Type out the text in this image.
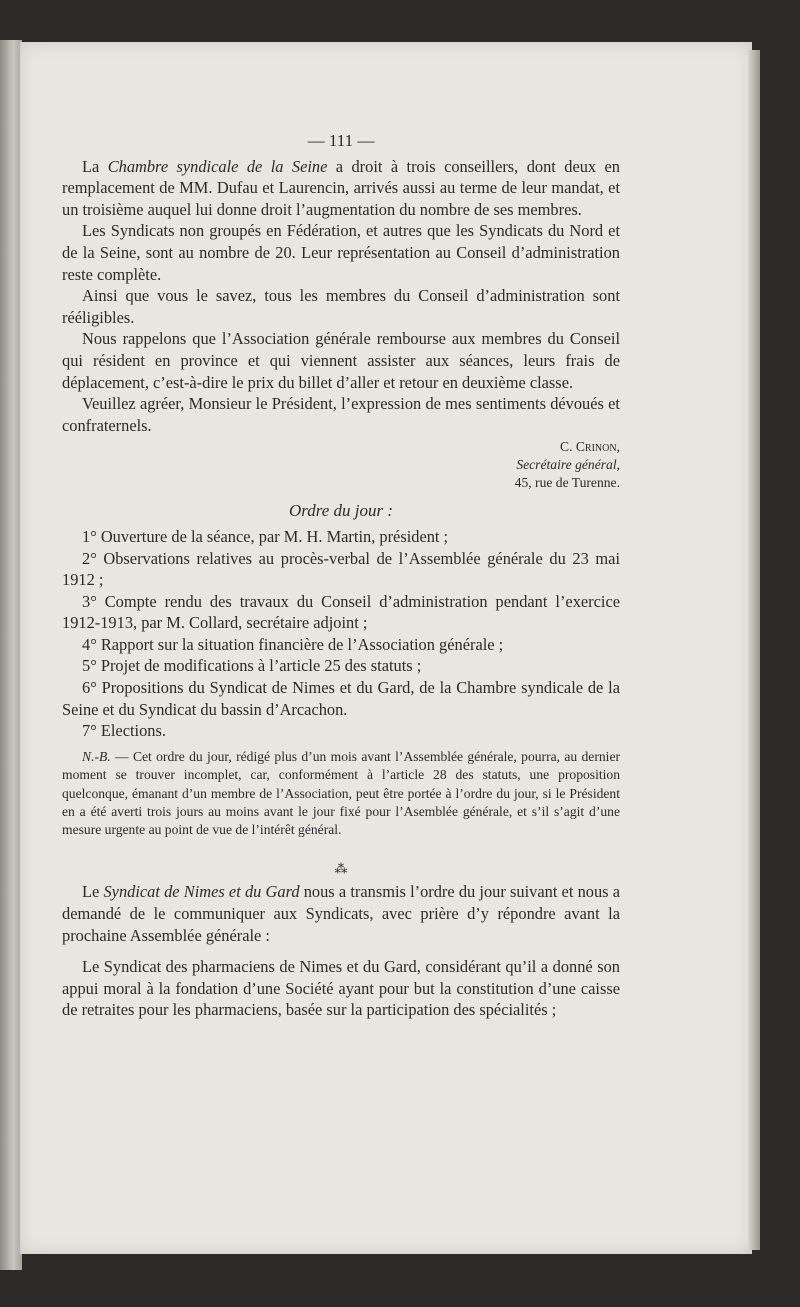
— 111 —

La Chambre syndicale de la Seine a droit à trois conseillers, dont deux en remplacement de MM. Dufau et Laurencin, arrivés aussi au terme de leur mandat, et un troisième auquel lui donne droit l’augmentation du nombre de ses membres.

Les Syndicats non groupés en Fédération, et autres que les Syndicats du Nord et de la Seine, sont au nombre de 20. Leur représentation au Conseil d’administration reste complète.

Ainsi que vous le savez, tous les membres du Conseil d’administration sont rééligibles.

Nous rappelons que l’Association générale rembourse aux membres du Conseil qui résident en province et qui viennent assister aux séances, leurs frais de déplacement, c’est-à-dire le prix du billet d’aller et retour en deuxième classe.

Veuillez agréer, Monsieur le Président, l’expression de mes sentiments dévoués et confraternels.

C. Crinon,
Secrétaire général,
45, rue de Turenne.
Ordre du jour :

1° Ouverture de la séance, par M. H. Martin, président ;

2° Observations relatives au procès-verbal de l’Assemblée générale du 23 mai 1912 ;

3° Compte rendu des travaux du Conseil d’administration pendant l’exercice 1912-1913, par M. Collard, secrétaire adjoint ;

4° Rapport sur la situation financière de l’Association générale ;

5° Projet de modifications à l’article 25 des statuts ;

6° Propositions du Syndicat de Nimes et du Gard, de la Chambre syndicale de la Seine et du Syndicat du bassin d’Arcachon.

7° Elections.

N.-B. — Cet ordre du jour, rédigé plus d’un mois avant l’Assemblée générale, pourra, au dernier moment se trouver incomplet, car, conformément à l’article 28 des statuts, une proposition quelconque, émanant d’un membre de l’Association, peut être portée à l’ordre du jour, si le Président en a été averti trois jours au moins avant le jour fixé pour l’Asemblée générale, et s’il s’agit d’une mesure urgente au point de vue de l’intérêt général.

⁂

Le Syndicat de Nimes et du Gard nous a transmis l’ordre du jour suivant et nous a demandé de le communiquer aux Syndicats, avec prière d’y répondre avant la prochaine Assemblée générale :

Le Syndicat des pharmaciens de Nimes et du Gard, considérant qu’il a donné son appui moral à la fondation d’une Société ayant pour but la constitution d’une caisse de retraites pour les pharmaciens, basée sur la participation des spécialités ;
